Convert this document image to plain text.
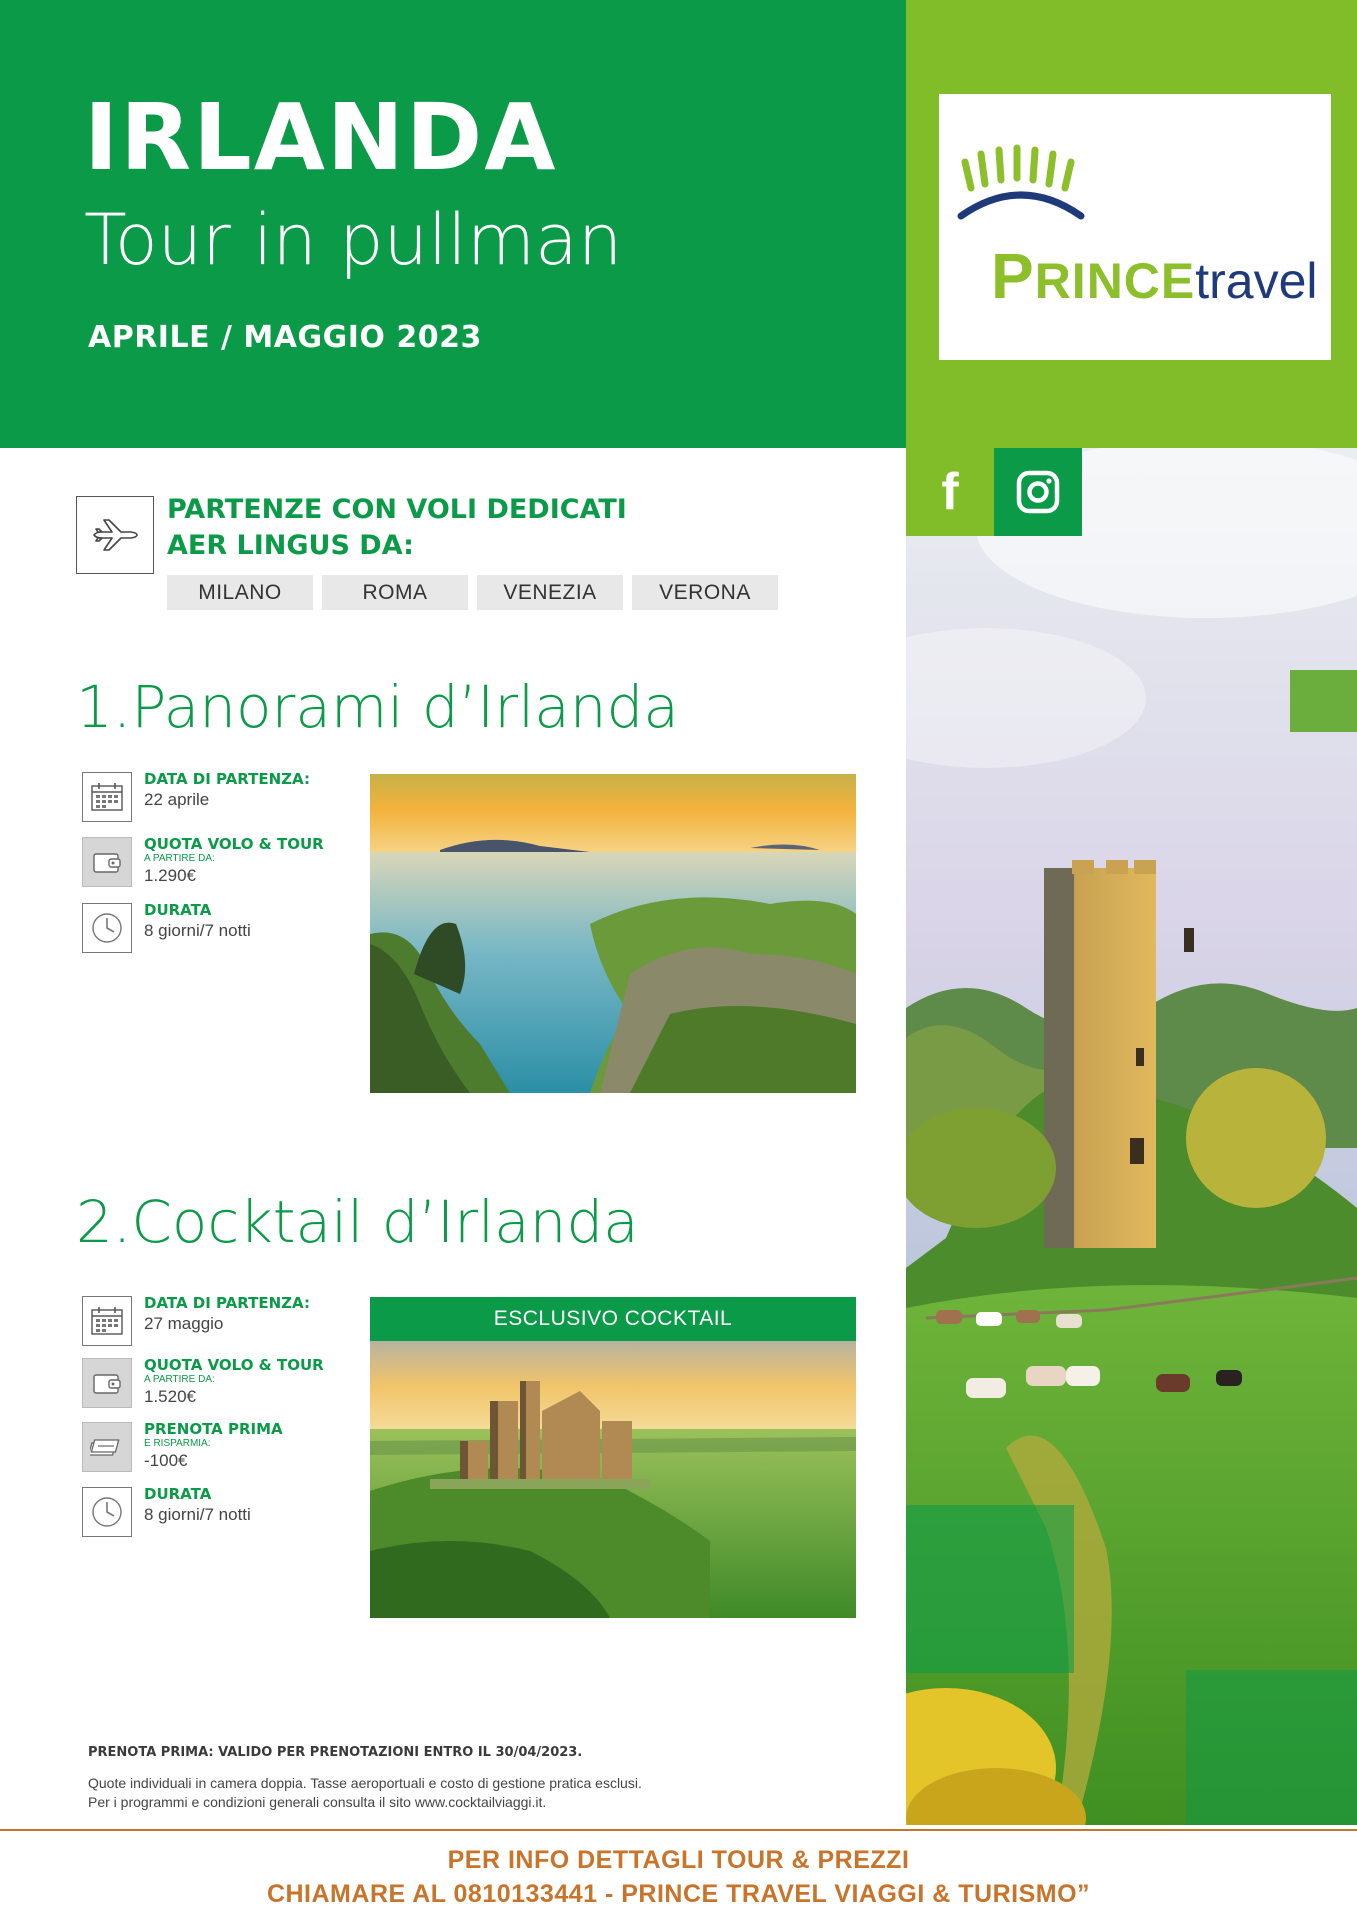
IRLANDA
Tour in pullman
APRILE / MAGGIO 2023
f
PRINCEtravel
PARTENZE CON VOLI DEDICATI
AER LINGUS DA:
MILANO	ROMA	VENEZIA	VERONA
1.Panorami d’Irlanda
DATA DI PARTENZA:
22 aprile
QUOTA VOLO & TOUR
A PARTIRE DA:
1.290€
DURATA
8 giorni/7 notti
2.Cocktail d’Irlanda
DATA DI PARTENZA:
27 maggio
QUOTA VOLO & TOUR
A PARTIRE DA:
1.520€
PRENOTA PRIMA
E RISPARMIA:
-100€
DURATA
8 giorni/7 notti
ESCLUSIVO COCKTAIL
PRENOTA PRIMA: VALIDO PER PRENOTAZIONI ENTRO IL 30/04/2023.
Quote individuali in camera doppia. Tasse aeroportuali e costo di gestione pratica esclusi.
Per i programmi e condizioni generali consulta il sito www.cocktailviaggi.it.
PER INFO DETTAGLI TOUR & PREZZI
CHIAMARE AL 0810133441 - PRINCE TRAVEL VIAGGI & TURISMO”
